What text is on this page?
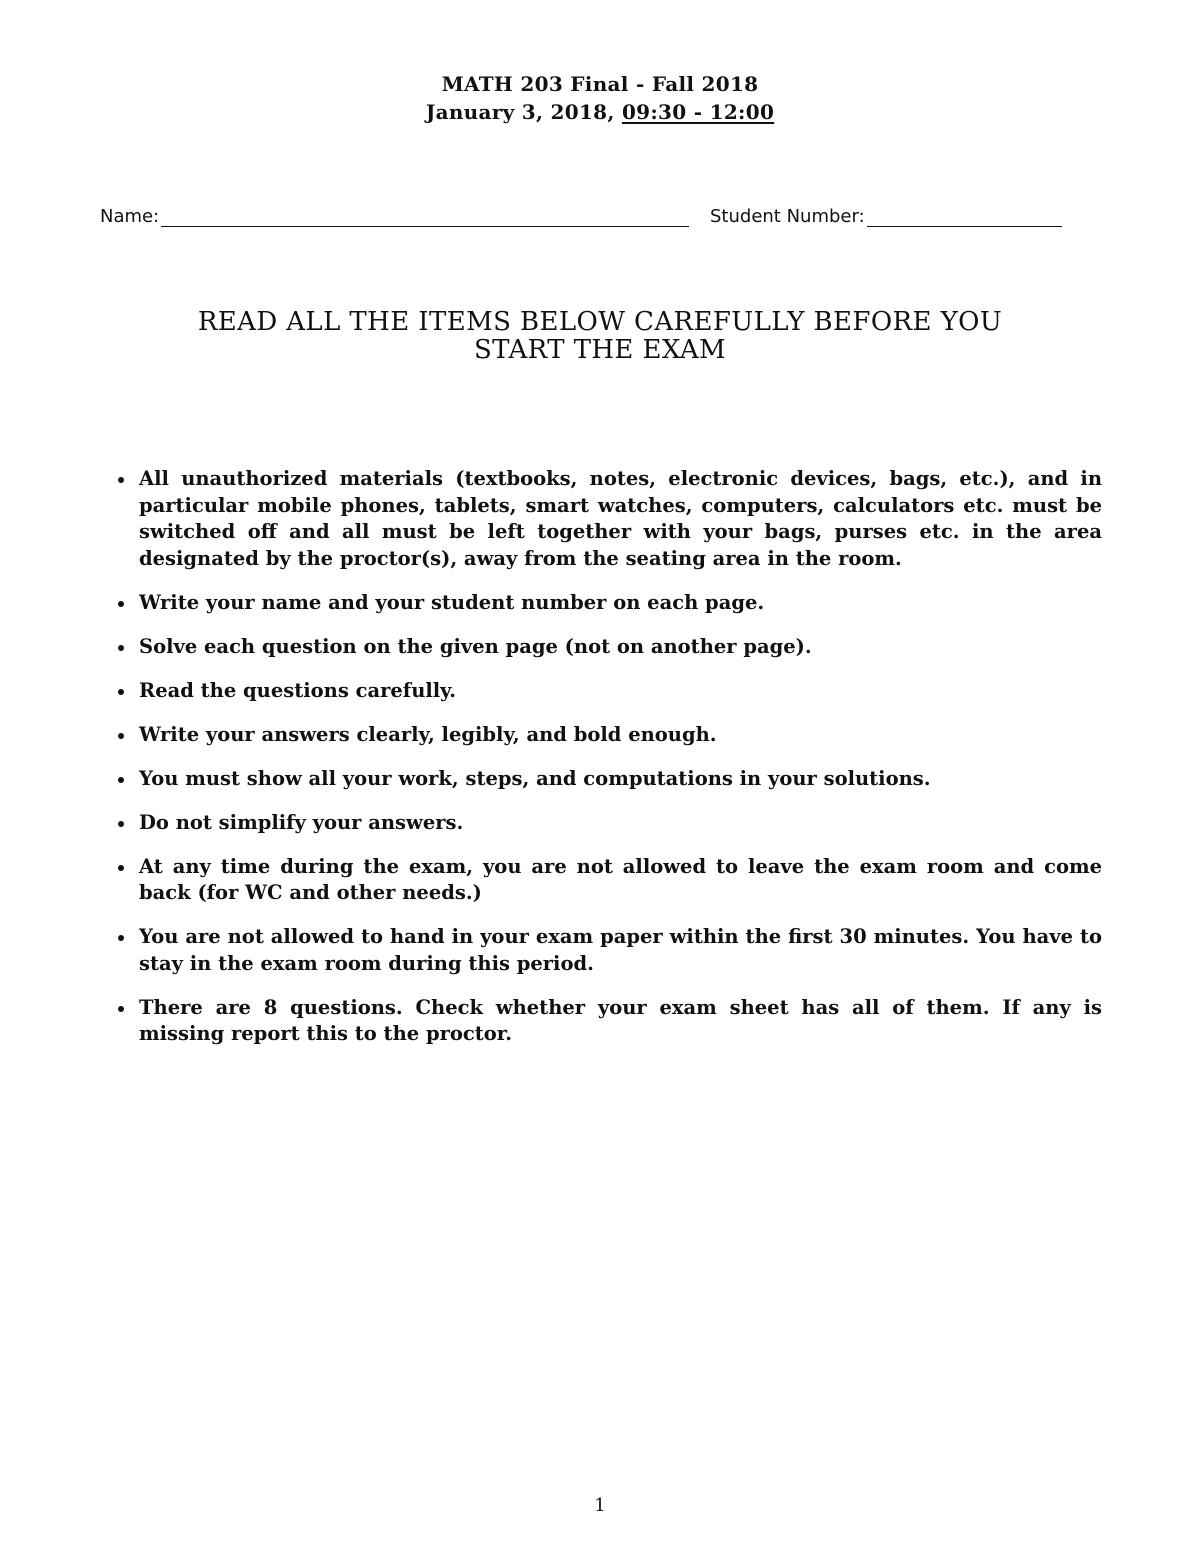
MATH 203 Final - Fall 2018
January 3, 2018, 09:30 - 12:00
Name:	Student Number:
READ ALL THE ITEMS BELOW CAREFULLY BEFORE YOU
START THE EXAM
All unauthorized materials (textbooks, notes, electronic devices, bags, etc.), and in particular mobile phones, tablets, smart watches, computers, calculators etc. must be switched off and all must be left together with your bags, purses etc. in the area designated by the proctor(s), away from the seating area in the room.
Write your name and your student number on each page.
Solve each question on the given page (not on another page).
Read the questions carefully.
Write your answers clearly, legibly, and bold enough.
You must show all your work, steps, and computations in your solutions.
Do not simplify your answers.
At any time during the exam, you are not allowed to leave the exam room and come back (for WC and other needs.)
You are not allowed to hand in your exam paper within the first 30 minutes. You have to stay in the exam room during this period.
There are 8 questions. Check whether your exam sheet has all of them. If any is missing report this to the proctor.
1
